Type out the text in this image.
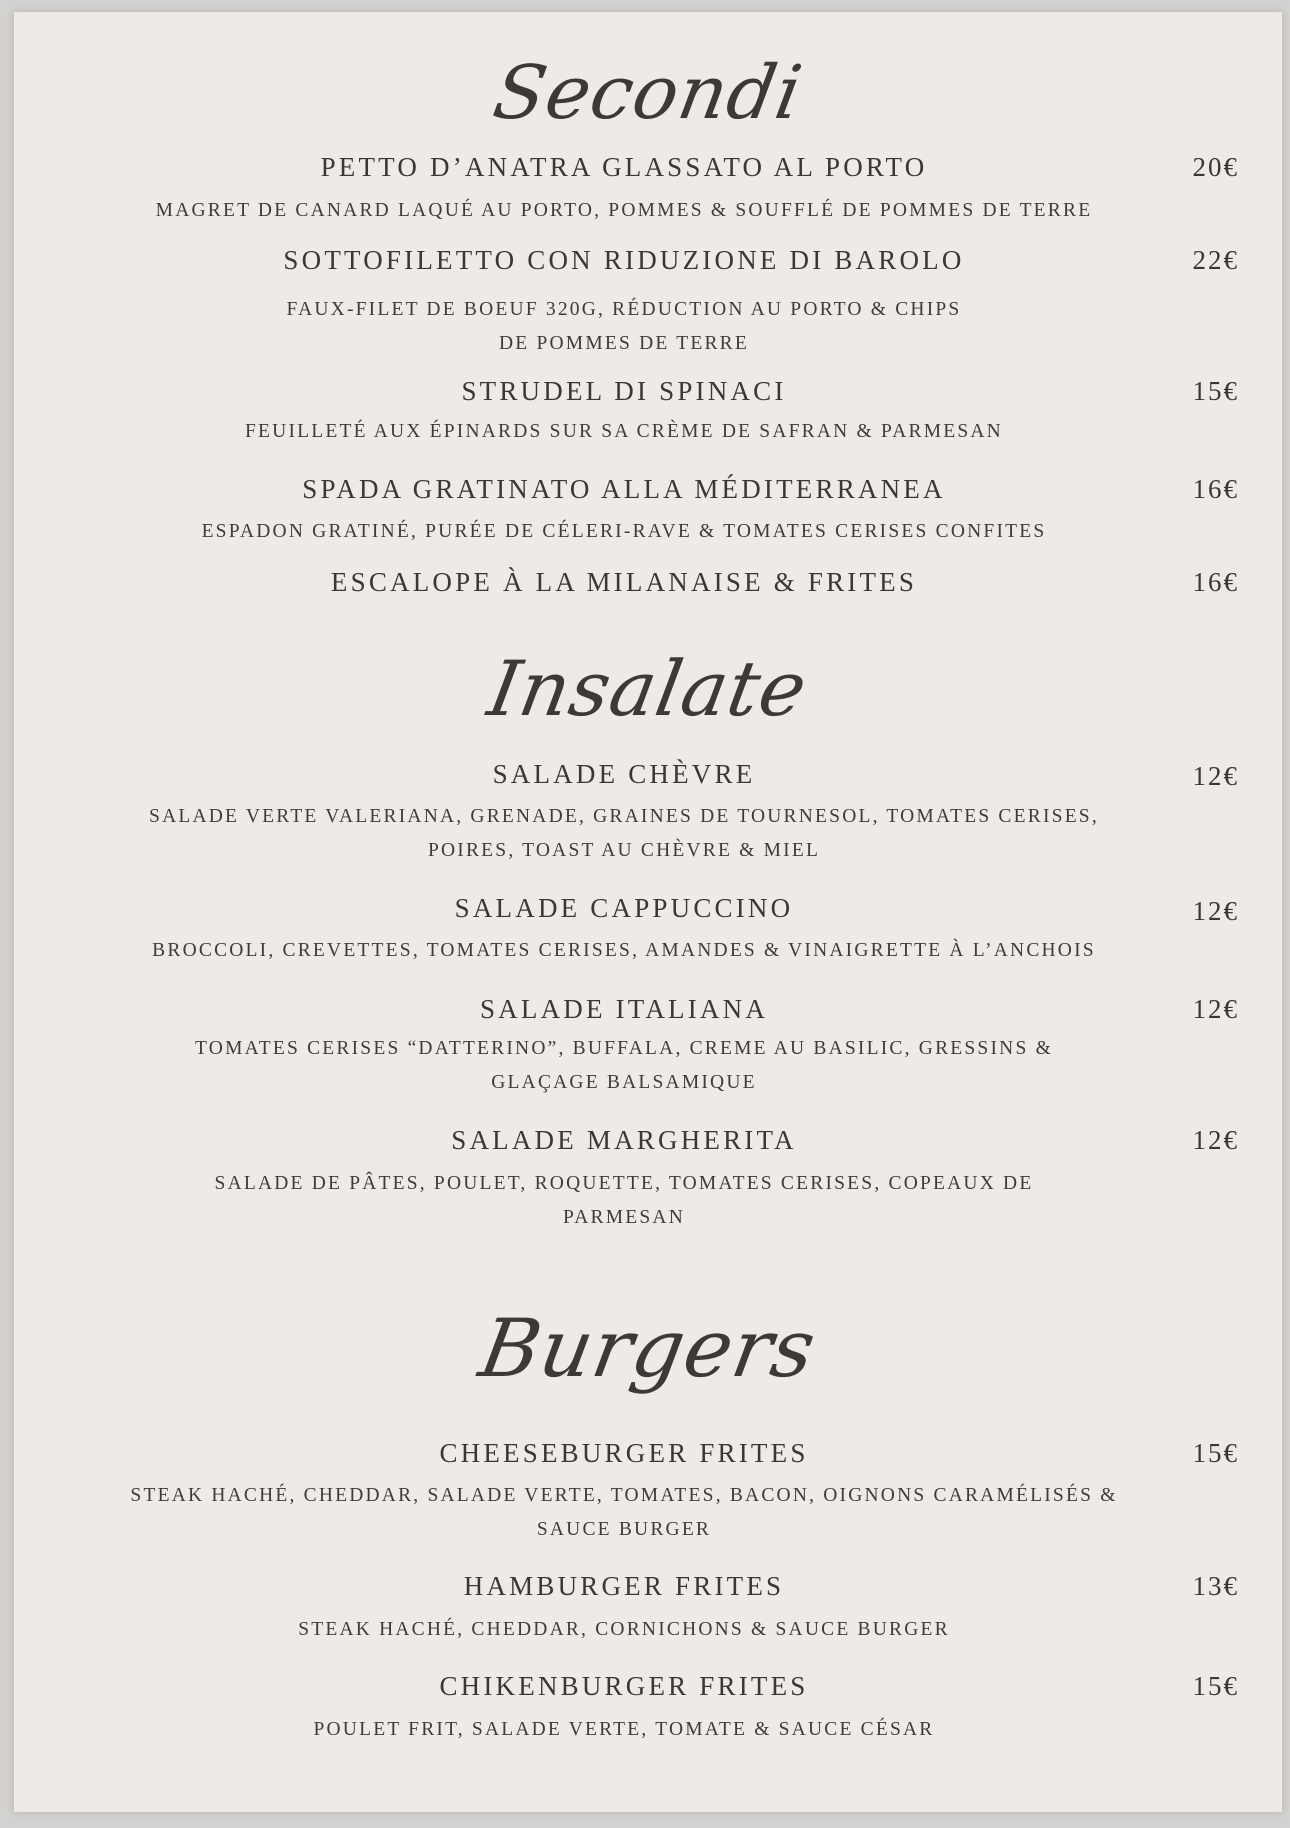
Secondi
PETTO D’ANATRA GLASSATO AL PORTO	20€
MAGRET DE CANARD LAQUÉ AU PORTO, POMMES & SOUFFLÉ DE POMMES DE TERRE
SOTTOFILETTO CON RIDUZIONE DI BAROLO	22€
FAUX-FILET DE BOEUF 320G, RÉDUCTION AU PORTO & CHIPS
DE POMMES DE TERRE
STRUDEL DI SPINACI	15€
FEUILLETÉ AUX ÉPINARDS SUR SA CRÈME DE SAFRAN & PARMESAN
SPADA GRATINATO ALLA MÉDITERRANEA	16€
ESPADON GRATINÉ, PURÉE DE CÉLERI-RAVE & TOMATES CERISES CONFITES
ESCALOPE À LA MILANAISE & FRITES	16€
Insalate
SALADE CHÈVRE	12€
SALADE VERTE VALERIANA, GRENADE, GRAINES DE TOURNESOL, TOMATES CERISES,
POIRES, TOAST AU CHÈVRE & MIEL
SALADE CAPPUCCINO	12€
BROCCOLI, CREVETTES, TOMATES CERISES, AMANDES & VINAIGRETTE À L’ANCHOIS
SALADE ITALIANA	12€
TOMATES CERISES “DATTERINO”, BUFFALA, CREME AU BASILIC, GRESSINS &
GLAÇAGE BALSAMIQUE
SALADE MARGHERITA	12€
SALADE DE PÂTES, POULET, ROQUETTE, TOMATES CERISES, COPEAUX DE
PARMESAN
Burgers
CHEESEBURGER FRITES	15€
STEAK HACHÉ, CHEDDAR, SALADE VERTE, TOMATES, BACON, OIGNONS CARAMÉLISÉS &
SAUCE BURGER
HAMBURGER FRITES	13€
STEAK HACHÉ, CHEDDAR, CORNICHONS & SAUCE BURGER
CHIKENBURGER FRITES	15€
POULET FRIT, SALADE VERTE, TOMATE & SAUCE CÉSAR
